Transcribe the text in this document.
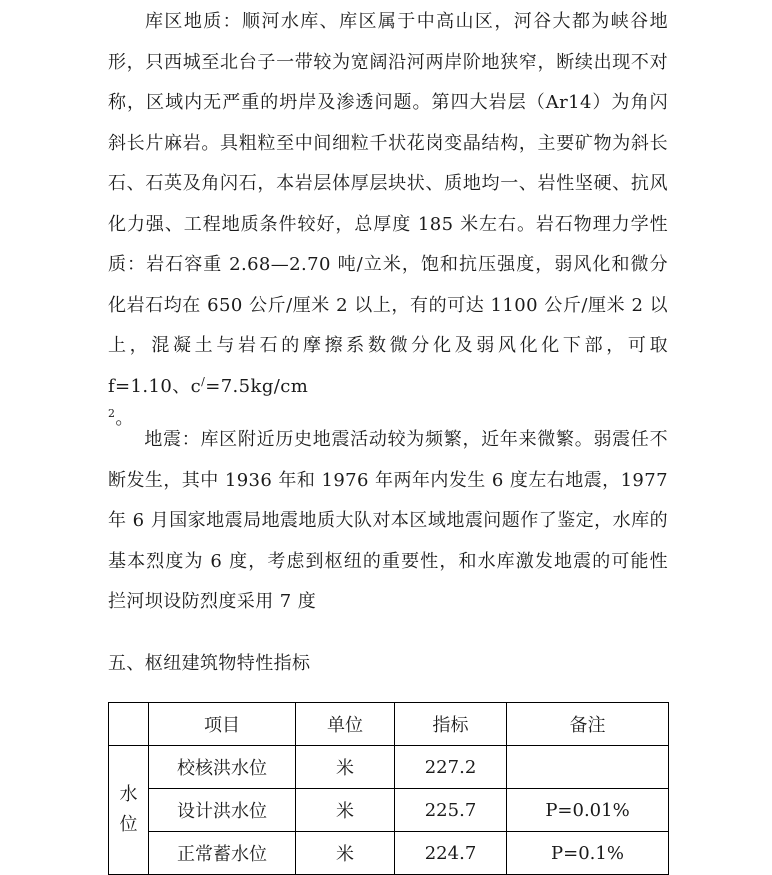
库区地质：顺河水库、库区属于中高山区，河谷大都为峡谷地形，只西城至北台子一带较为宽阔沿河两岸阶地狭窄，断续出现不对称，区域内无严重的坍岸及渗透问题。第四大岩层（Ar14）为角闪斜长片麻岩。具粗粒至中间细粒千状花岗变晶结构，主要矿物为斜长石、石英及角闪石，本岩层体厚层块状、质地均一、岩性坚硬、抗风化力强、工程地质条件较好，总厚度 185 米左右。岩石物理力学性质：岩石容重 2.68—2.70 吨/立米，饱和抗压强度，弱风化和微分化岩石均在 650 公斤/厘米 2 以上，有的可达 1100 公斤/厘米 2 以上，混凝土与岩石的摩擦系数微分化及弱风化化下部，可取 f=1.10、c/=7.5kg/cm
$^2$。

地震：库区附近历史地震活动较为频繁，近年来微繁。弱震任不断发生，其中 1936 年和 1976 年两年内发生 6 度左右地震，1977 年 6 月国家地震局地震地质大队对本区域地震问题作了鉴定，水库的基本烈度为 6 度，考虑到枢纽的重要性，和水库激发地震的可能性 拦河坝设防烈度采用 7 度

五、枢纽建筑物特性指标
	项目	单位	指标	备注
水
位	校核洪水位	米	227.2	
	设计洪水位	米	225.7	P=0.01%
	正常蓄水位	米	224.7	P=0.1%
